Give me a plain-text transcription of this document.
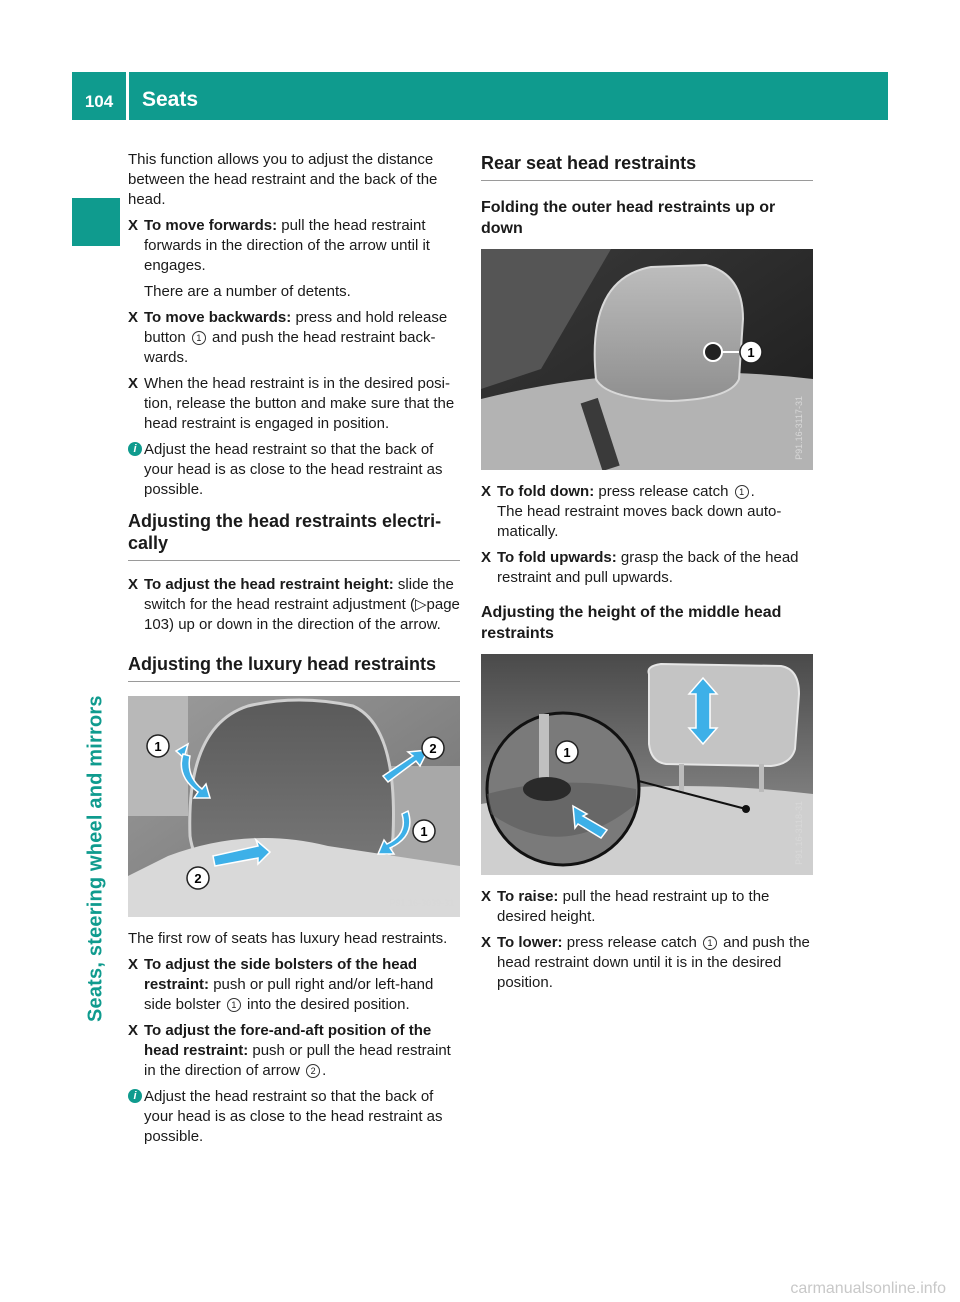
104	Seats
Seats, steering wheel and mirrors

This function allows you to adjust the distance between the head restraint and the back of the head.

X To move forwards: pull the head restraint forwards in the direction of the arrow until it engages.

There are a number of detents.

X To move backwards: press and hold release button 1 and push the head restraint back-wards.
X When the head restraint is in the desired posi-tion, release the button and make sure that the head restraint is engaged in position.
i Adjust the head restraint so that the back of your head is as close to the head restraint as possible.
Adjusting the head restraints electri-cally
X To adjust the head restraint height: slide the switch for the head restraint adjustment (▷page 103) up or down in the direction of the arrow.
Adjusting the luxury head restraints
1	2
1
2
P91.16-3039-31

The first row of seats has luxury head restraints.

X To adjust the side bolsters of the head restraint: push or pull right and/or left-hand side bolster 1 into the desired position.
X To adjust the fore-and-aft position of the head restraint: push or pull the head restraint in the direction of arrow 2 .
i Adjust the head restraint so that the back of your head is as close to the head restraint as possible.
Rear seat head restraints
Folding the outer head restraints up or down
1
P91.16-3117-31
X To fold down: press release catch 1 .
The head restraint moves back down auto-matically.
X To fold upwards: grasp the back of the head restraint and pull upwards.
Adjusting the height of the middle head restraints
1
P91.16-3118-31
X To raise: pull the head restraint up to the desired height.
X To lower: press release catch 1 and push the head restraint down until it is in the desired position.
carmanualsonline.info
